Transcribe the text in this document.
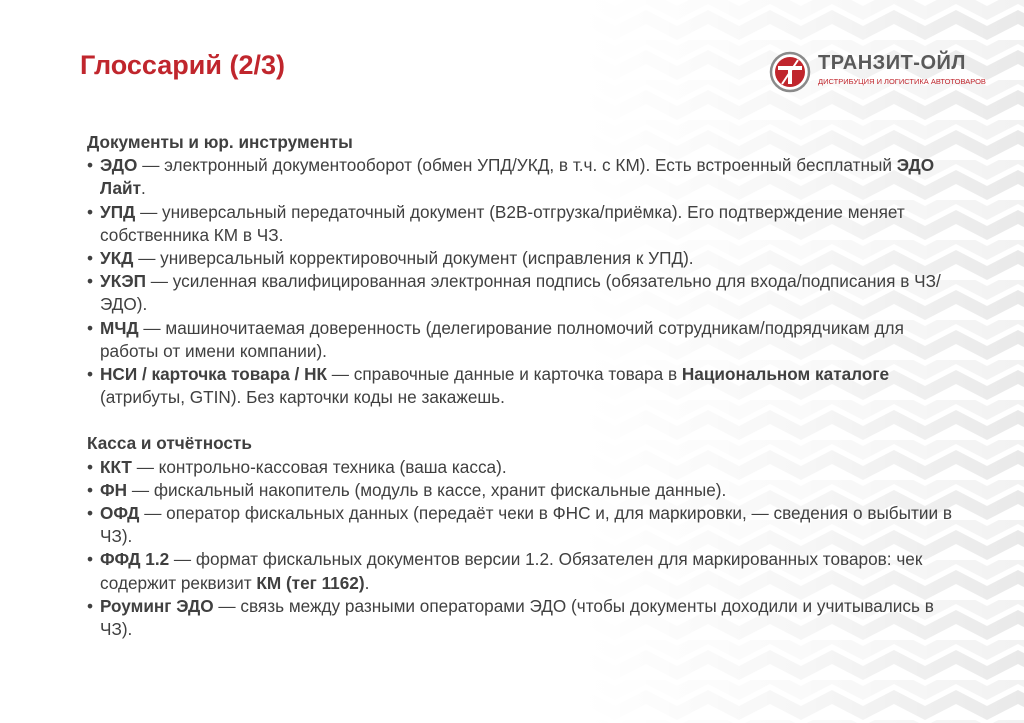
Глоссарий (2/3)	ТРАНЗИТ-ОЙЛ
ДИСТРИБУЦИЯ И ЛОГИСТИКА АВТОТОВАРОВ

Документы и юр. инструменты

• ЭДО — электронный документооборот (обмен УПД/УКД, в т.ч. с КМ). Есть встроенный бесплатный ЭДО Лайт.
• УПД — универсальный передаточный документ (B2B-отгрузка/приёмка). Его подтверждение меняет собственника КМ в ЧЗ.
• УКД — универсальный корректировочный документ (исправления к УПД).
• УКЭП — усиленная квалифицированная электронная подпись (обязательно для входа/подписания в ЧЗ/ЭДО).
• МЧД — машиночитаемая доверенность (делегирование полномочий сотрудникам/подрядчикам для работы от имени компании).
• НСИ / карточка товара / НК — справочные данные и карточка товара в Национальном каталоге (атрибуты, GTIN). Без карточки коды не закажешь.

Касса и отчётность

• ККТ — контрольно-кассовая техника (ваша касса).
• ФН — фискальный накопитель (модуль в кассе, хранит фискальные данные).
• ОФД — оператор фискальных данных (передаёт чеки в ФНС и, для маркировки, — сведения о выбытии в ЧЗ).
• ФФД 1.2 — формат фискальных документов версии 1.2. Обязателен для маркированных товаров: чек содержит реквизит КМ (тег 1162).
• Роуминг ЭДО — связь между разными операторами ЭДО (чтобы документы доходили и учитывались в ЧЗ).
